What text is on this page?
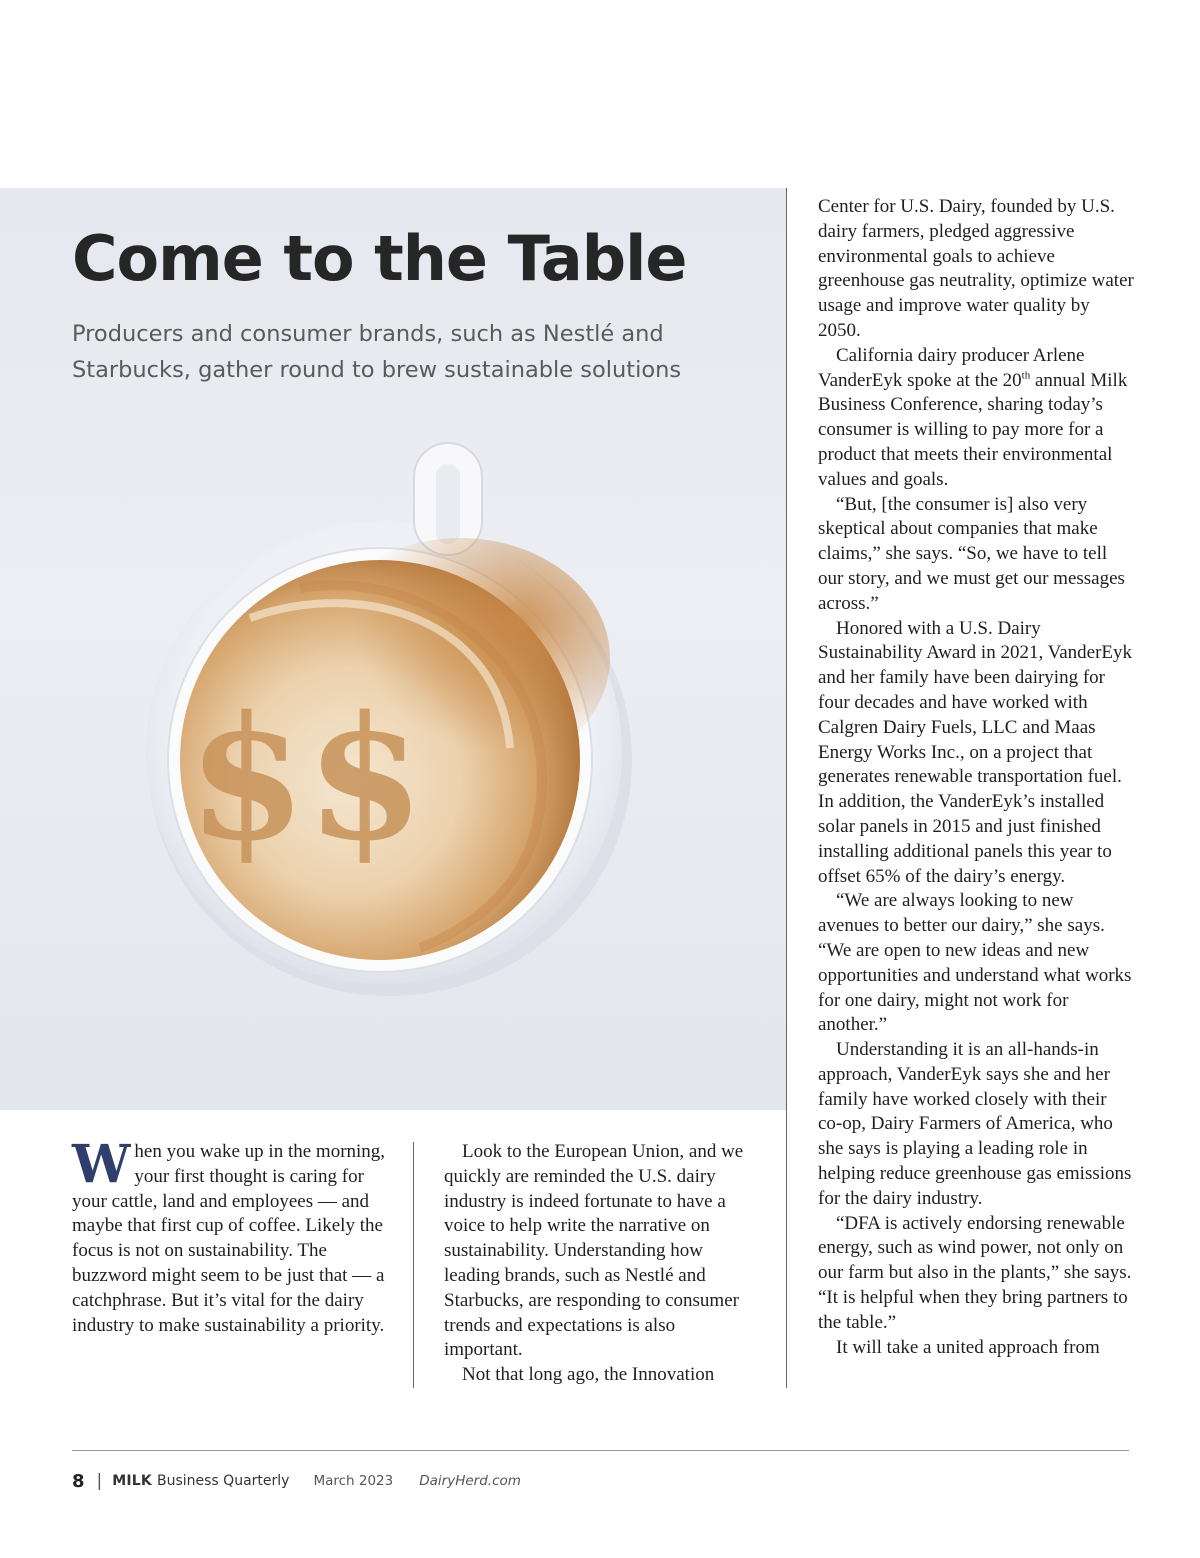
$$
Come to the Table
Producers and consumer brands, such as Nestlé and Starbucks, gather round to brew sustainable solutions
W hen you wake up in the morning, your first thought is caring for your cattle, land and employees — and maybe that first cup of coffee. Likely the focus is not on sustainability. The buzzword might seem to be just that — a catchphrase. But it’s vital for the dairy industry to make sustainability a priority.

Look to the European Union, and we quickly are reminded the U.S. dairy industry is indeed fortunate to have a voice to help write the narrative on sustainability. Understanding how leading brands, such as Nestlé and Starbucks, are responding to consumer trends and expectations is also important.

Not that long ago, the Innovation

Center for U.S. Dairy, founded by U.S. dairy farmers, pledged aggressive environmental goals to achieve greenhouse gas neutrality, optimize water usage and improve water quality by 2050.

California dairy producer Arlene VanderEyk spoke at the 20th annual Milk Business Conference, sharing today’s consumer is willing to pay more for a product that meets their environmental values and goals.

“But, [the consumer is] also very skeptical about companies that make claims,” she says. “So, we have to tell our story, and we must get our messages across.”

Honored with a U.S. Dairy Sustainability Award in 2021, VanderEyk and her family have been dairying for four decades and have worked with Calgren Dairy Fuels, LLC and Maas Energy Works Inc., on a project that generates renewable transportation fuel. In addition, the VanderEyk’s installed solar panels in 2015 and just finished installing additional panels this year to offset 65% of the dairy’s energy.

“We are always looking to new avenues to better our dairy,” she says. “We are open to new ideas and new opportunities and understand what works for one dairy, might not work for another.”

Understanding it is an all-hands-in approach, VanderEyk says she and her family have worked closely with their co-op, Dairy Farmers of America, who she says is playing a leading role in helping reduce greenhouse gas emissions for the dairy industry.

“DFA is actively endorsing renewable energy, such as wind power, not only on our farm but also in the plants,” she says. “It is helpful when they bring partners to the table.”

It will take a united approach from

8 | MILK Business Quarterly March 2023 DairyHerd.com
